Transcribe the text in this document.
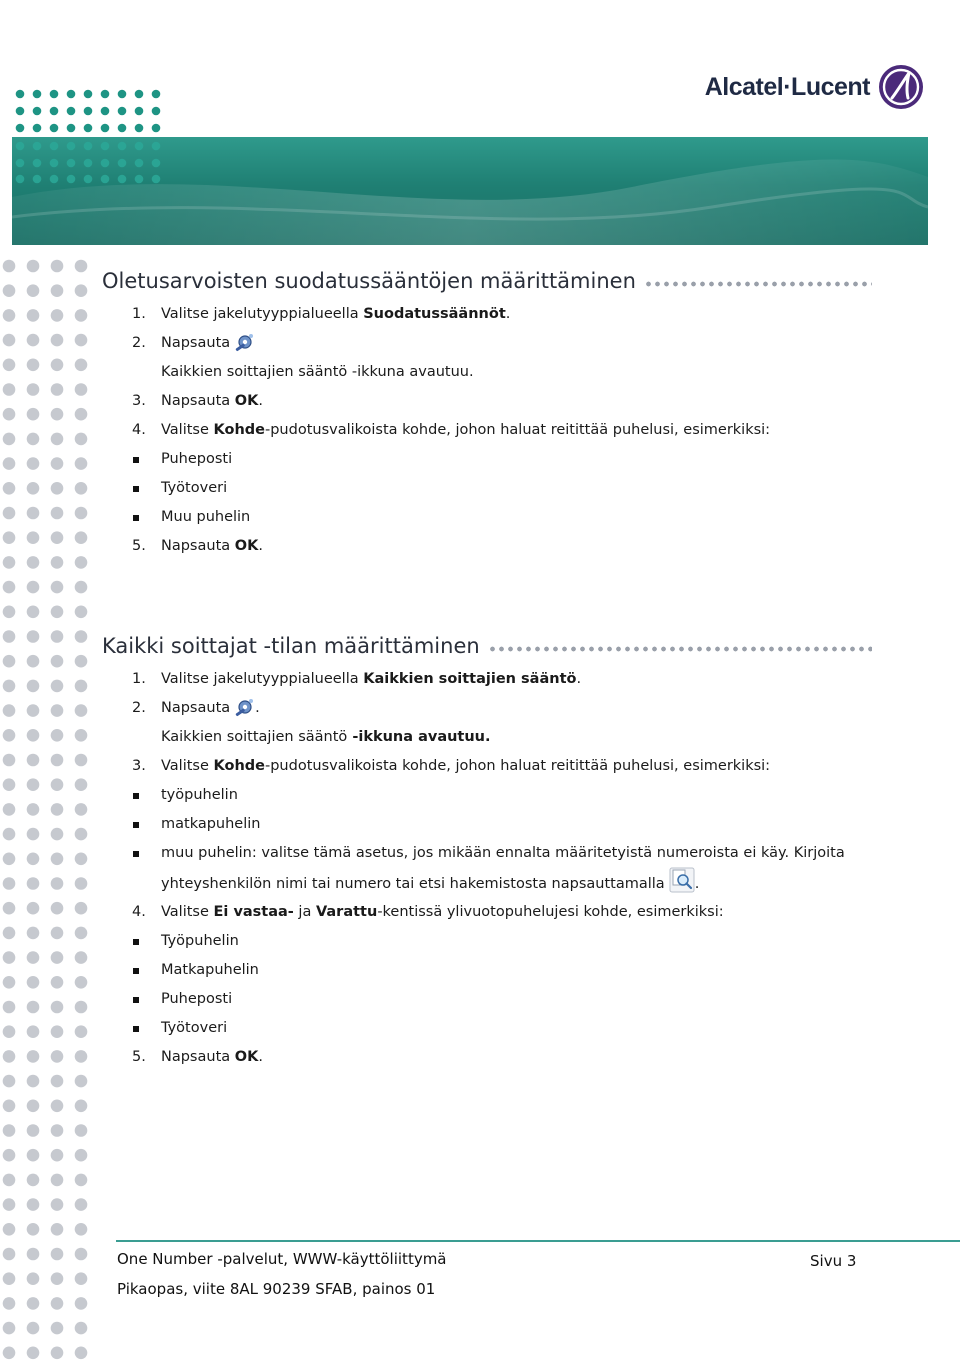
Alcatel·Lucent
Oletusarvoisten suodatussääntöjen määrittäminen
1. Valitse jakelutyyppialueella Suodatussäännöt.
2. Napsauta
Kaikkien soittajien sääntö -ikkuna avautuu.
3. Napsauta OK.
4. Valitse Kohde-pudotusvalikoista kohde, johon haluat reitittää puhelusi, esimerkiksi:
Puheposti
Työtoveri
Muu puhelin
5. Napsauta OK.
Kaikki soittajat -tilan määrittäminen
1. Valitse jakelutyyppialueella Kaikkien soittajien sääntö.
2. Napsauta .
Kaikkien soittajien sääntö -ikkuna avautuu.
3. Valitse Kohde-pudotusvalikoista kohde, johon haluat reitittää puhelusi, esimerkiksi:
työpuhelin
matkapuhelin
muu puhelin: valitse tämä asetus, jos mikään ennalta määritetyistä numeroista ei käy. Kirjoita yhteyshenkilön nimi tai numero tai etsi hakemistosta napsauttamalla .
4. Valitse Ei vastaa- ja Varattu-kentissä ylivuotopuhelujesi kohde, esimerkiksi:
Työpuhelin
Matkapuhelin
Puheposti
Työtoveri
5. Napsauta OK.
One Number -palvelut, WWW-käyttöliittymä
Pikaopas, viite 8AL 90239 SFAB, painos 01
Sivu 3
